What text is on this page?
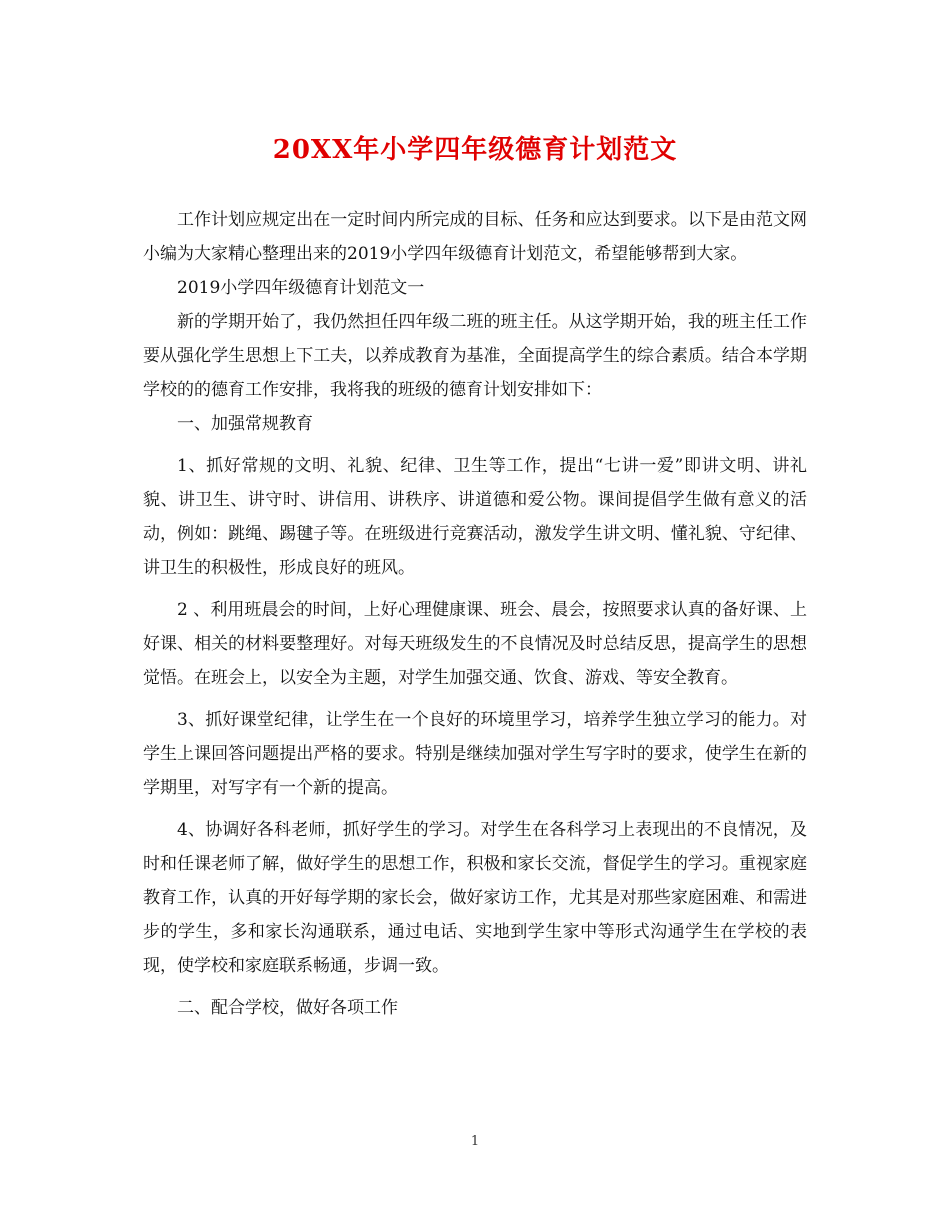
20XX年小学四年级德育计划范文

工作计划应规定出在一定时间内所完成的目标、任务和应达到要求。以下是由范文网小编为大家精心整理出来的2019小学四年级德育计划范文，希望能够帮到大家。

2019小学四年级德育计划范文一

新的学期开始了，我仍然担任四年级二班的班主任。从这学期开始，我的班主任工作要从强化学生思想上下工夫，以养成教育为基准，全面提高学生的综合素质。结合本学期学校的的德育工作安排，我将我的班级的德育计划安排如下：

一、加强常规教育

1、抓好常规的文明、礼貌、纪律、卫生等工作，提出“七讲一爱”即讲文明、讲礼貌、讲卫生、讲守时、讲信用、讲秩序、讲道德和爱公物。课间提倡学生做有意义的活动，例如：跳绳、踢毽子等。在班级进行竞赛活动，激发学生讲文明、懂礼貌、守纪律、讲卫生的积极性，形成良好的班风。

2 、利用班晨会的时间，上好心理健康课、班会、晨会，按照要求认真的备好课、上好课、相关的材料要整理好。对每天班级发生的不良情况及时总结反思，提高学生的思想 觉悟。在班会上，以安全为主题，对学生加强交通、饮食、游戏、等安全教育。

3、抓好课堂纪律，让学生在一个良好的环境里学习，培养学生独立学习的能力。对学生上课回答问题提出严格的要求。特别是继续加强对学生写字时的要求，使学生在新的学期里，对写字有一个新的提高。

4、协调好各科老师，抓好学生的学习。对学生在各科学习上表现出的不良情况，及时和任课老师了解，做好学生的思想工作，积极和家长交流，督促学生的学习。重视家庭教育工作，认真的开好每学期的家长会，做好家访工作，尤其是对那些家庭困难、和需进步的学生，多和家长沟通联系，通过电话、实地到学生家中等形式沟通学生在学校的表现，使学校和家庭联系畅通，步调一致。

二、配合学校，做好各项工作

1
